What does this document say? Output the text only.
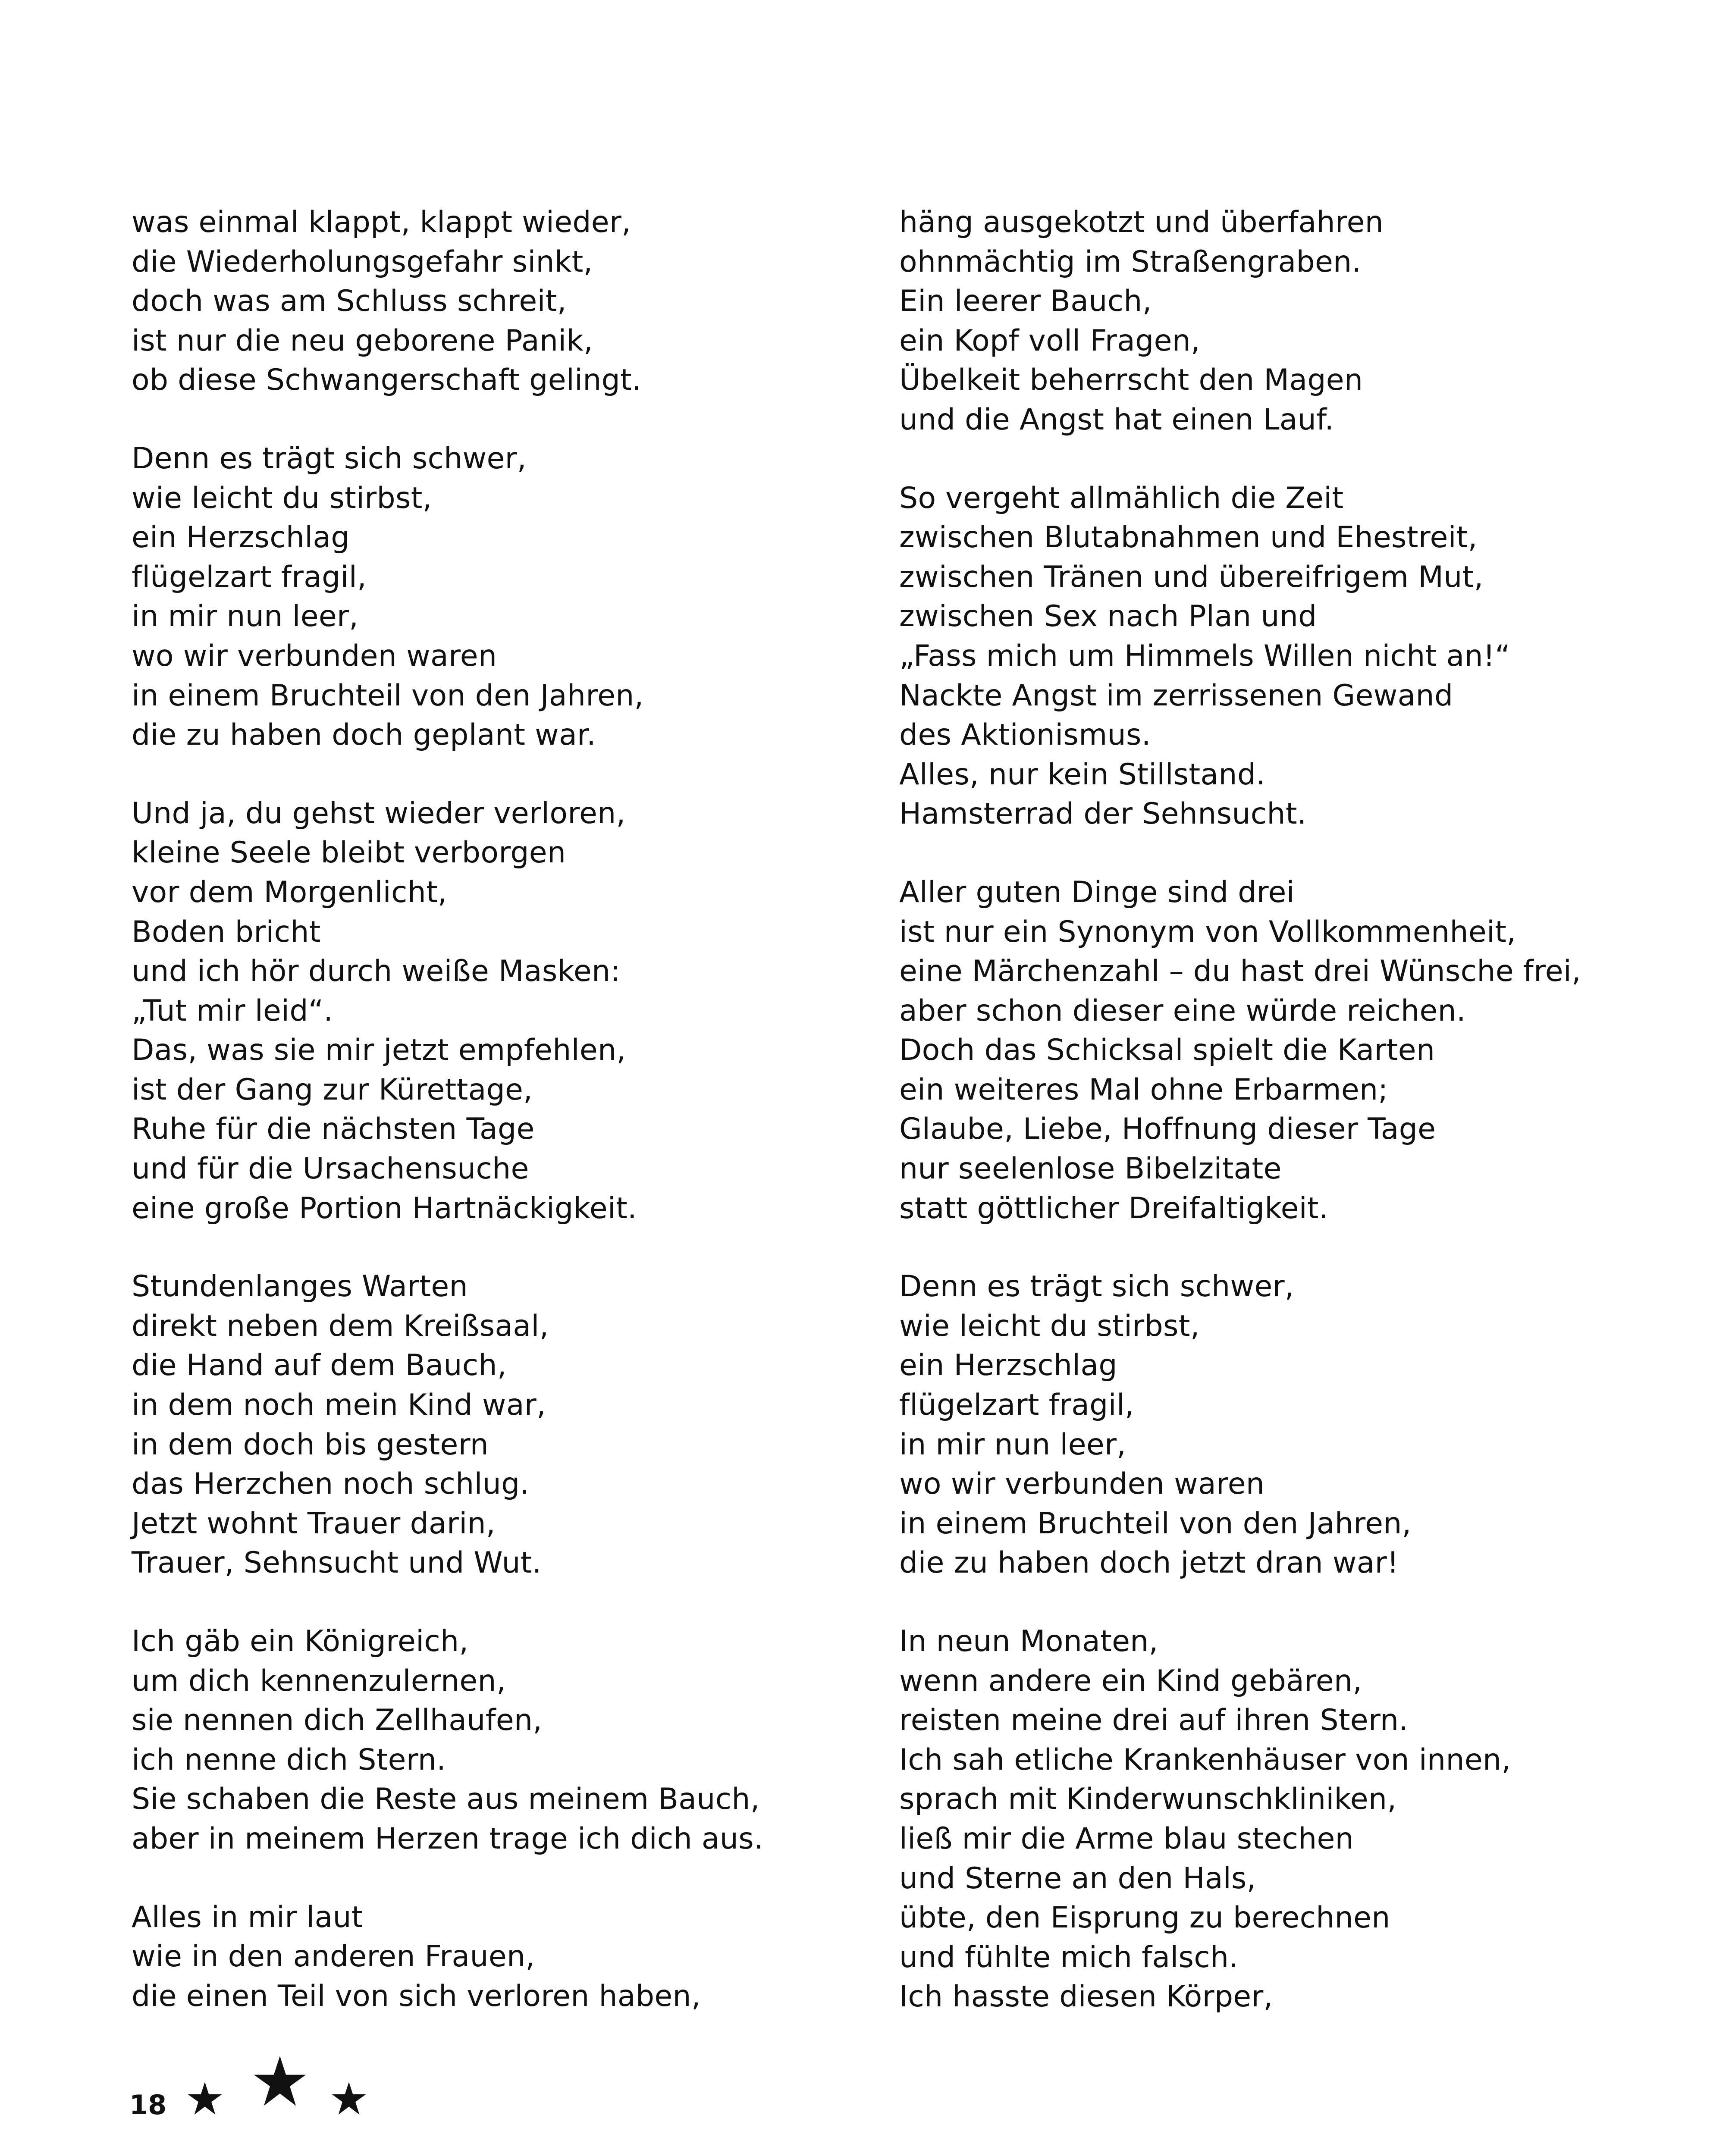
was einmal klappt, klappt wieder,
die Wiederholungsgefahr sinkt,
doch was am Schluss schreit,
ist nur die neu geborene Panik,
ob diese Schwangerschaft gelingt.
Denn es trägt sich schwer,
wie leicht du stirbst,
ein Herzschlag
flügelzart fragil,
in mir nun leer,
wo wir verbunden waren
in einem Bruchteil von den Jahren,
die zu haben doch geplant war.
Und ja, du gehst wieder verloren,
kleine Seele bleibt verborgen
vor dem Morgenlicht,
Boden bricht
und ich hör durch weiße Masken:
„Tut mir leid“.
Das, was sie mir jetzt empfehlen,
ist der Gang zur Kürettage,
Ruhe für die nächsten Tage
und für die Ursachensuche
eine große Portion Hartnäckigkeit.
Stundenlanges Warten
direkt neben dem Kreißsaal,
die Hand auf dem Bauch,
in dem noch mein Kind war,
in dem doch bis gestern
das Herzchen noch schlug.
Jetzt wohnt Trauer darin,
Trauer, Sehnsucht und Wut.
Ich gäb ein Königreich,
um dich kennenzulernen,
sie nennen dich Zellhaufen,
ich nenne dich Stern.
Sie schaben die Reste aus meinem Bauch,
aber in meinem Herzen trage ich dich aus.
Alles in mir laut
wie in den anderen Frauen,
die einen Teil von sich verloren haben,
häng ausgekotzt und überfahren
ohnmächtig im Straßengraben.
Ein leerer Bauch,
ein Kopf voll Fragen,
Übelkeit beherrscht den Magen
und die Angst hat einen Lauf.
So vergeht allmählich die Zeit
zwischen Blutabnahmen und Ehestreit,
zwischen Tränen und übereifrigem Mut,
zwischen Sex nach Plan und
„Fass mich um Himmels Willen nicht an!“
Nackte Angst im zerrissenen Gewand
des Aktionismus.
Alles, nur kein Stillstand.
Hamsterrad der Sehnsucht.
Aller guten Dinge sind drei
ist nur ein Synonym von Vollkommenheit,
eine Märchenzahl – du hast drei Wünsche frei,
aber schon dieser eine würde reichen.
Doch das Schicksal spielt die Karten
ein weiteres Mal ohne Erbarmen;
Glaube, Liebe, Hoffnung dieser Tage
nur seelenlose Bibelzitate
statt göttlicher Dreifaltigkeit.
Denn es trägt sich schwer,
wie leicht du stirbst,
ein Herzschlag
flügelzart fragil,
in mir nun leer,
wo wir verbunden waren
in einem Bruchteil von den Jahren,
die zu haben doch jetzt dran war!
In neun Monaten,
wenn andere ein Kind gebären,
reisten meine drei auf ihren Stern.
Ich sah etliche Krankenhäuser von innen,
sprach mit Kinderwunschkliniken,
ließ mir die Arme blau stechen
und Sterne an den Hals,
übte, den Eisprung zu berechnen
und fühlte mich falsch.
Ich hasste diesen Körper,
18
